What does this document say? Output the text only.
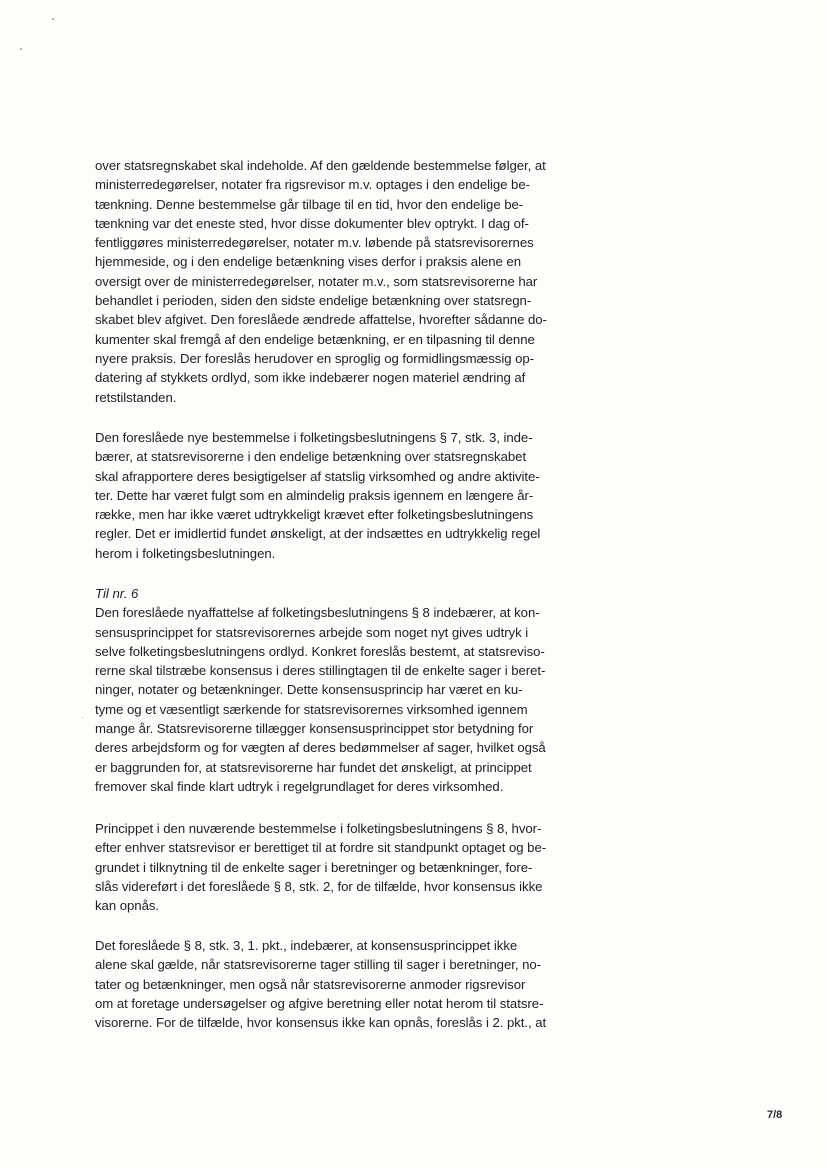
over statsregnskabet skal indeholde. Af den gældende bestemmelse følger, at
ministerredegørelser, notater fra rigsrevisor m.v. optages i den endelige be-
tænkning. Denne bestemmelse går tilbage til en tid, hvor den endelige be-
tænkning var det eneste sted, hvor disse dokumenter blev optrykt. I dag of-
fentliggøres ministerredegørelser, notater m.v. løbende på statsrevisorernes
hjemmeside, og i den endelige betænkning vises derfor i praksis alene en
oversigt over de ministerredegørelser, notater m.v., som statsrevisorerne har
behandlet i perioden, siden den sidste endelige betænkning over statsregn-
skabet blev afgivet. Den foreslåede ændrede affattelse, hvorefter sådanne do-
kumenter skal fremgå af den endelige betænkning, er en tilpasning til denne
nyere praksis. Der foreslås herudover en sproglig og formidlingsmæssig op-
datering af stykkets ordlyd, som ikke indebærer nogen materiel ændring af
retstilstanden.
Den foreslåede nye bestemmelse i folketingsbeslutningens § 7, stk. 3, inde-
bærer, at statsrevisorerne i den endelige betænkning over statsregnskabet
skal afrapportere deres besigtigelser af statslig virksomhed og andre aktivite-
ter. Dette har været fulgt som en almindelig praksis igennem en længere år-
række, men har ikke været udtrykkeligt krævet efter folketingsbeslutningens
regler. Det er imidlertid fundet ønskeligt, at der indsættes en udtrykkelig regel
herom i folketingsbeslutningen.
Til nr. 6
Den foreslåede nyaffattelse af folketingsbeslutningens § 8 indebærer, at kon-
sensusprincippet for statsrevisorernes arbejde som noget nyt gives udtryk i
selve folketingsbeslutningens ordlyd. Konkret foreslås bestemt, at statsreviso-
rerne skal tilstræbe konsensus i deres stillingtagen til de enkelte sager i beret-
ninger, notater og betænkninger. Dette konsensusprincip har været en ku-
tyme og et væsentligt særkende for statsrevisorernes virksomhed igennem
mange år. Statsrevisorerne tillægger konsensusprincippet stor betydning for
deres arbejdsform og for vægten af deres bedømmelser af sager, hvilket også
er baggrunden for, at statsrevisorerne har fundet det ønskeligt, at princippet
fremover skal finde klart udtryk i regelgrundlaget for deres virksomhed.
Princippet i den nuværende bestemmelse i folketingsbeslutningens § 8, hvor-
efter enhver statsrevisor er berettiget til at fordre sit standpunkt optaget og be-
grundet i tilknytning til de enkelte sager i beretninger og betænkninger, fore-
slås videreført i det foreslåede § 8, stk. 2, for de tilfælde, hvor konsensus ikke
kan opnås.
Det foreslåede § 8, stk. 3, 1. pkt., indebærer, at konsensusprincippet ikke
alene skal gælde, når statsrevisorerne tager stilling til sager i beretninger, no-
tater og betænkninger, men også når statsrevisorerne anmoder rigsrevisor
om at foretage undersøgelser og afgive beretning eller notat herom til statsre-
visorerne. For de tilfælde, hvor konsensus ikke kan opnås, foreslås i 2. pkt., at
7/8
